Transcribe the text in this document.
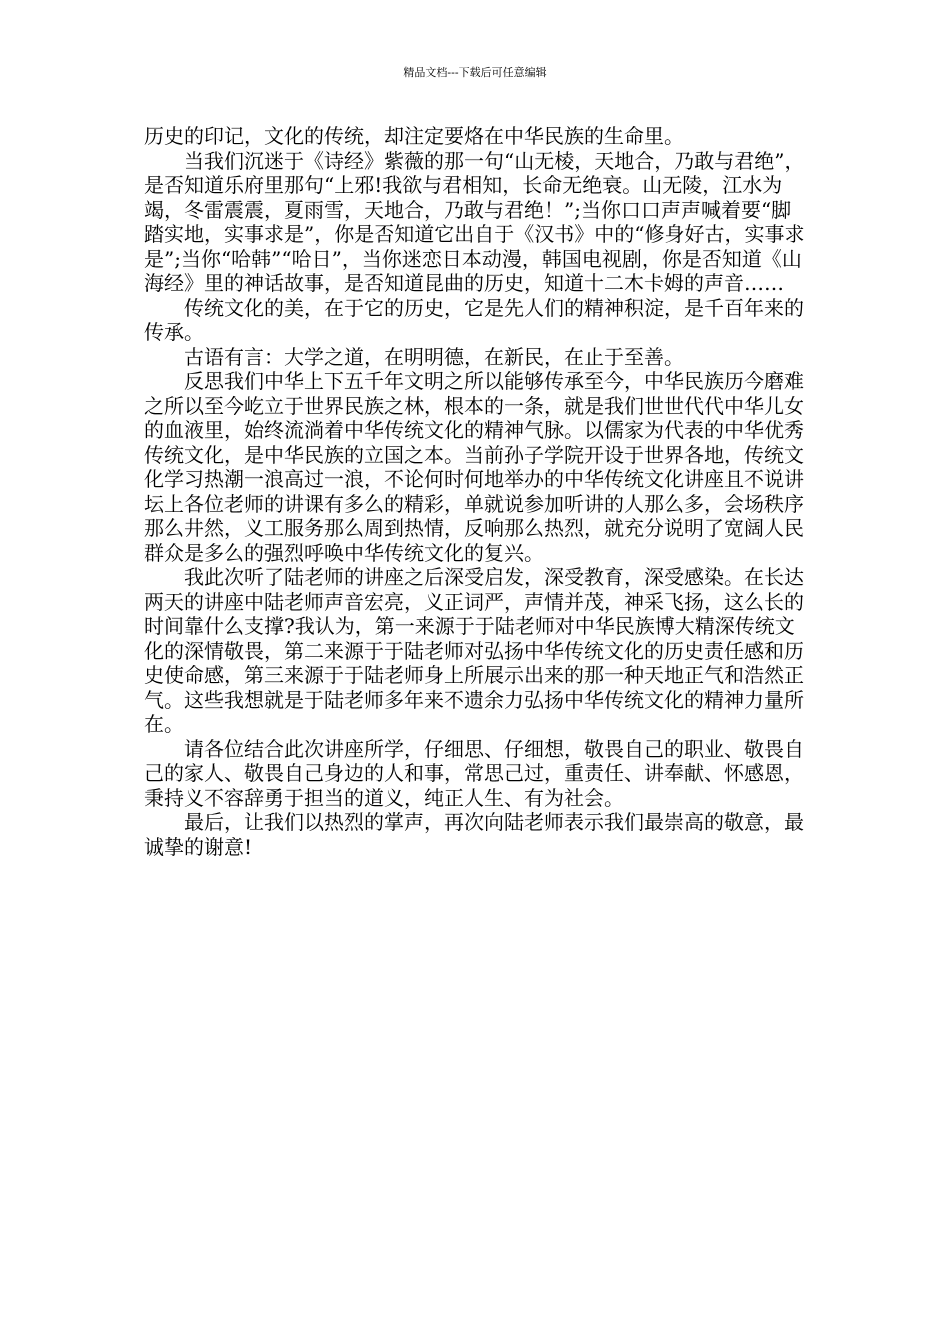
精品文档---下载后可任意编辑

历史的印记，文化的传统，却注定要烙在中华民族的生命里。

当我们沉迷于《诗经》紫薇的那一句“山无棱，天地合，乃敢与君绝”，是否知道乐府里那句“上邪!我欲与君相知，长命无绝衰。山无陵，江水为竭，冬雷震震，夏雨雪，天地合，乃敢与君绝！”;当你口口声声喊着要“脚踏实地，实事求是”，你是否知道它出自于《汉书》中的“修身好古，实事求是”;当你“哈韩”“哈日”，当你迷恋日本动漫，韩国电视剧，你是否知道《山海经》里的神话故事，是否知道昆曲的历史，知道十二木卡姆的声音……

传统文化的美，在于它的历史，它是先人们的精神积淀，是千百年来的传承。

古语有言：大学之道，在明明德，在新民，在止于至善。

反思我们中华上下五千年文明之所以能够传承至今，中华民族历今磨难之所以至今屹立于世界民族之林，根本的一条，就是我们世世代代中华儿女的血液里，始终流淌着中华传统文化的精神气脉。以儒家为代表的中华优秀传统文化，是中华民族的立国之本。当前孙子学院开设于世界各地，传统文化学习热潮一浪高过一浪，不论何时何地举办的中华传统文化讲座且不说讲坛上各位老师的讲课有多么的精彩，单就说参加听讲的人那么多，会场秩序那么井然，义工服务那么周到热情，反响那么热烈，就充分说明了宽阔人民群众是多么的强烈呼唤中华传统文化的复兴。

我此次听了陆老师的讲座之后深受启发，深受教育，深受感染。在长达两天的讲座中陆老师声音宏亮，义正词严，声情并茂，神采飞扬，这么长的时间靠什么支撑?我认为，第一来源于于陆老师对中华民族博大精深传统文化的深情敬畏，第二来源于于陆老师对弘扬中华传统文化的历史责任感和历史使命感，第三来源于于陆老师身上所展示出来的那一种天地正气和浩然正气。这些我想就是于陆老师多年来不遗余力弘扬中华传统文化的精神力量所在。

请各位结合此次讲座所学，仔细思、仔细想，敬畏自己的职业、敬畏自己的家人、敬畏自己身边的人和事，常思己过，重责任、讲奉献、怀感恩，秉持义不容辞勇于担当的道义，纯正人生、有为社会。

最后，让我们以热烈的掌声，再次向陆老师表示我们最崇高的敬意，最诚挚的谢意!
